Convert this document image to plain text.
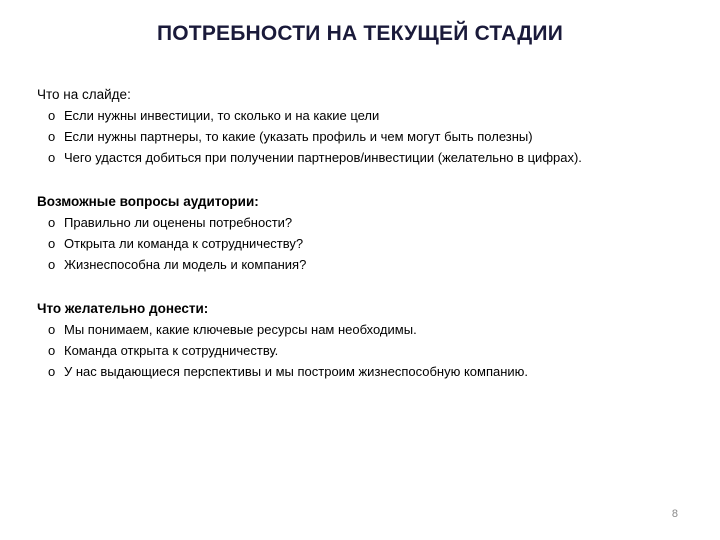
ПОТРЕБНОСТИ НА ТЕКУЩЕЙ СТАДИИ
Что на слайде:
o Если нужны инвестиции, то сколько и на какие цели
o Если нужны партнеры, то какие (указать профиль и чем могут быть полезны)
o Чего удастся добиться при получении партнеров/инвестиции (желательно в цифрах).
Возможные вопросы аудитории:
o Правильно ли оценены потребности?
o Открыта ли команда к сотрудничеству?
o Жизнеспособна ли модель и компания?
Что желательно донести:
o Мы понимаем, какие ключевые ресурсы нам необходимы.
o Команда открыта к сотрудничеству.
o У нас выдающиеся перспективы и мы построим жизнеспособную компанию.
8
